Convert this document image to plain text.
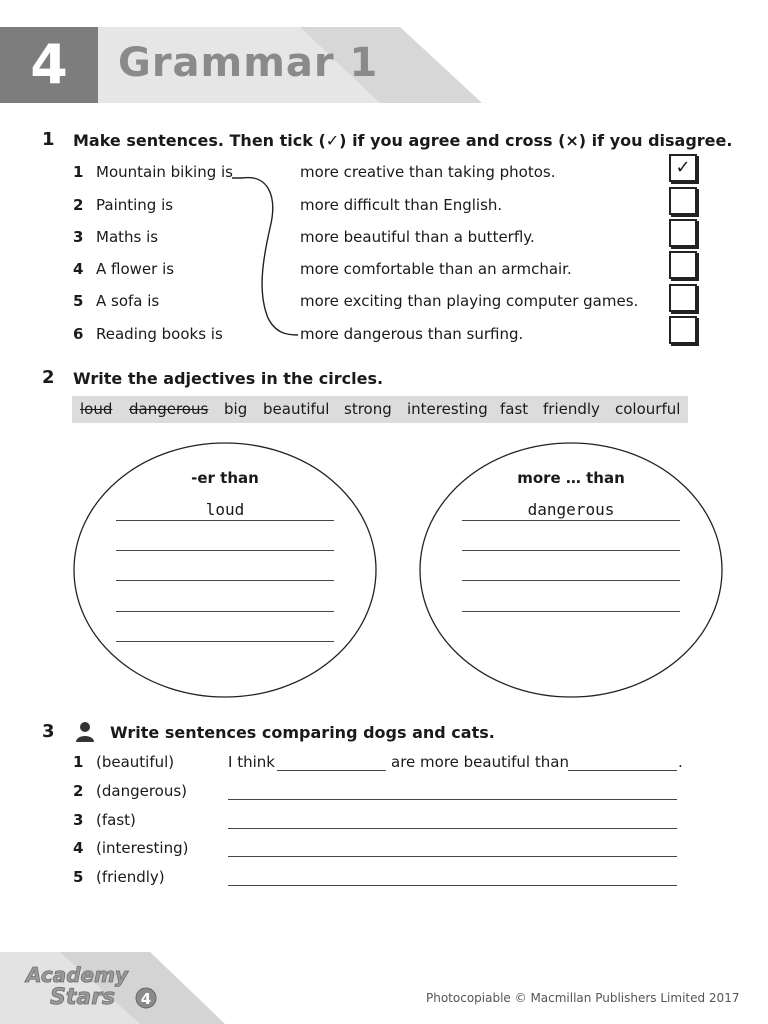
4	Grammar 1
1 Make sentences. Then tick (✓) if you agree and cross (×) if you disagree.
1 Mountain biking is	more creative than taking photos.
2 Painting is	more difficult than English.
3 Maths is	more beautiful than a butterfly.
4 A flower is	more comfortable than an armchair.
5 A sofa is	more exciting than playing computer games.
6 Reading books is	more dangerous than surfing.
✓
2 Write the adjectives in the circles.
loud dangerous big beautiful strong interesting fast friendly colourful
-er than
loud
more … than
dangerous
3	Write sentences comparing dogs and cats.
1 (beautiful)	I think	are more beautiful than	.
2 (dangerous)
3 (fast)
4 (interesting)
5 (friendly)
Academy
Stars 4	Photocopiable © Macmillan Publishers Limited 2017
